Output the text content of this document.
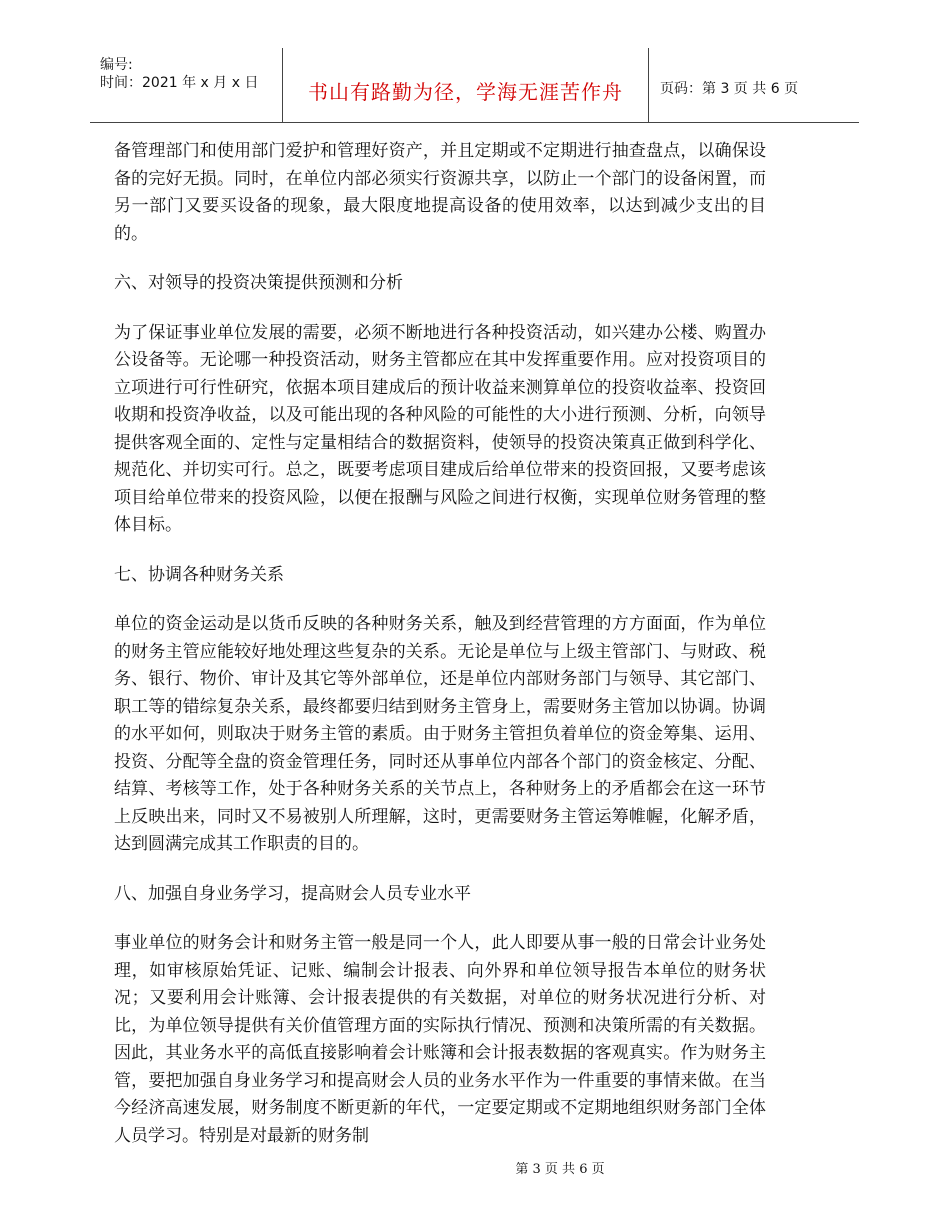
编号:
时间：2021 年 x 月 x 日	书山有路勤为径，学海无涯苦作舟	页码：第 3 页 共 6 页

备管理部门和使用部门爱护和管理好资产，并且定期或不定期进行抽查盘点，以确保设备的完好无损。同时，在单位内部必须实行资源共享，以防止一个部门的设备闲置，而另一部门又要买设备的现象，最大限度地提高设备的使用效率，以达到减少支出的目的。

六、对领导的投资决策提供预测和分析

为了保证事业单位发展的需要，必须不断地进行各种投资活动，如兴建办公楼、购置办公设备等。无论哪一种投资活动，财务主管都应在其中发挥重要作用。应对投资项目的立项进行可行性研究，依据本项目建成后的预计收益来测算单位的投资收益率、投资回收期和投资净收益，以及可能出现的各种风险的可能性的大小进行预测、分析，向领导提供客观全面的、定性与定量相结合的数据资料，使领导的投资决策真正做到科学化、规范化、并切实可行。总之，既要考虑项目建成后给单位带来的投资回报，又要考虑该项目给单位带来的投资风险，以便在报酬与风险之间进行权衡，实现单位财务管理的整体目标。

七、协调各种财务关系

单位的资金运动是以货币反映的各种财务关系，触及到经营管理的方方面面，作为单位的财务主管应能较好地处理这些复杂的关系。无论是单位与上级主管部门、与财政、税务、银行、物价、审计及其它等外部单位，还是单位内部财务部门与领导、其它部门、职工等的错综复杂关系，最终都要归结到财务主管身上，需要财务主管加以协调。协调的水平如何，则取决于财务主管的素质。由于财务主管担负着单位的资金筹集、运用、投资、分配等全盘的资金管理任务，同时还从事单位内部各个部门的资金核定、分配、结算、考核等工作，处于各种财务关系的关节点上，各种财务上的矛盾都会在这一环节上反映出来，同时又不易被别人所理解，这时，更需要财务主管运筹帷幄，化解矛盾，达到圆满完成其工作职责的目的。

八、加强自身业务学习，提高财会人员专业水平

事业单位的财务会计和财务主管一般是同一个人，此人即要从事一般的日常会计业务处理，如审核原始凭证、记账、编制会计报表、向外界和单位领导报告本单位的财务状况；又要利用会计账簿、会计报表提供的有关数据，对单位的财务状况进行分析、对比，为单位领导提供有关价值管理方面的实际执行情况、预测和决策所需的有关数据。因此，其业务水平的高低直接影响着会计账簿和会计报表数据的客观真实。作为财务主管，要把加强自身业务学习和提高财会人员的业务水平作为一件重要的事情来做。在当今经济高速发展，财务制度不断更新的年代，一定要定期或不定期地组织财务部门全体人员学习。特别是对最新的财务制

第 3 页 共 6 页
